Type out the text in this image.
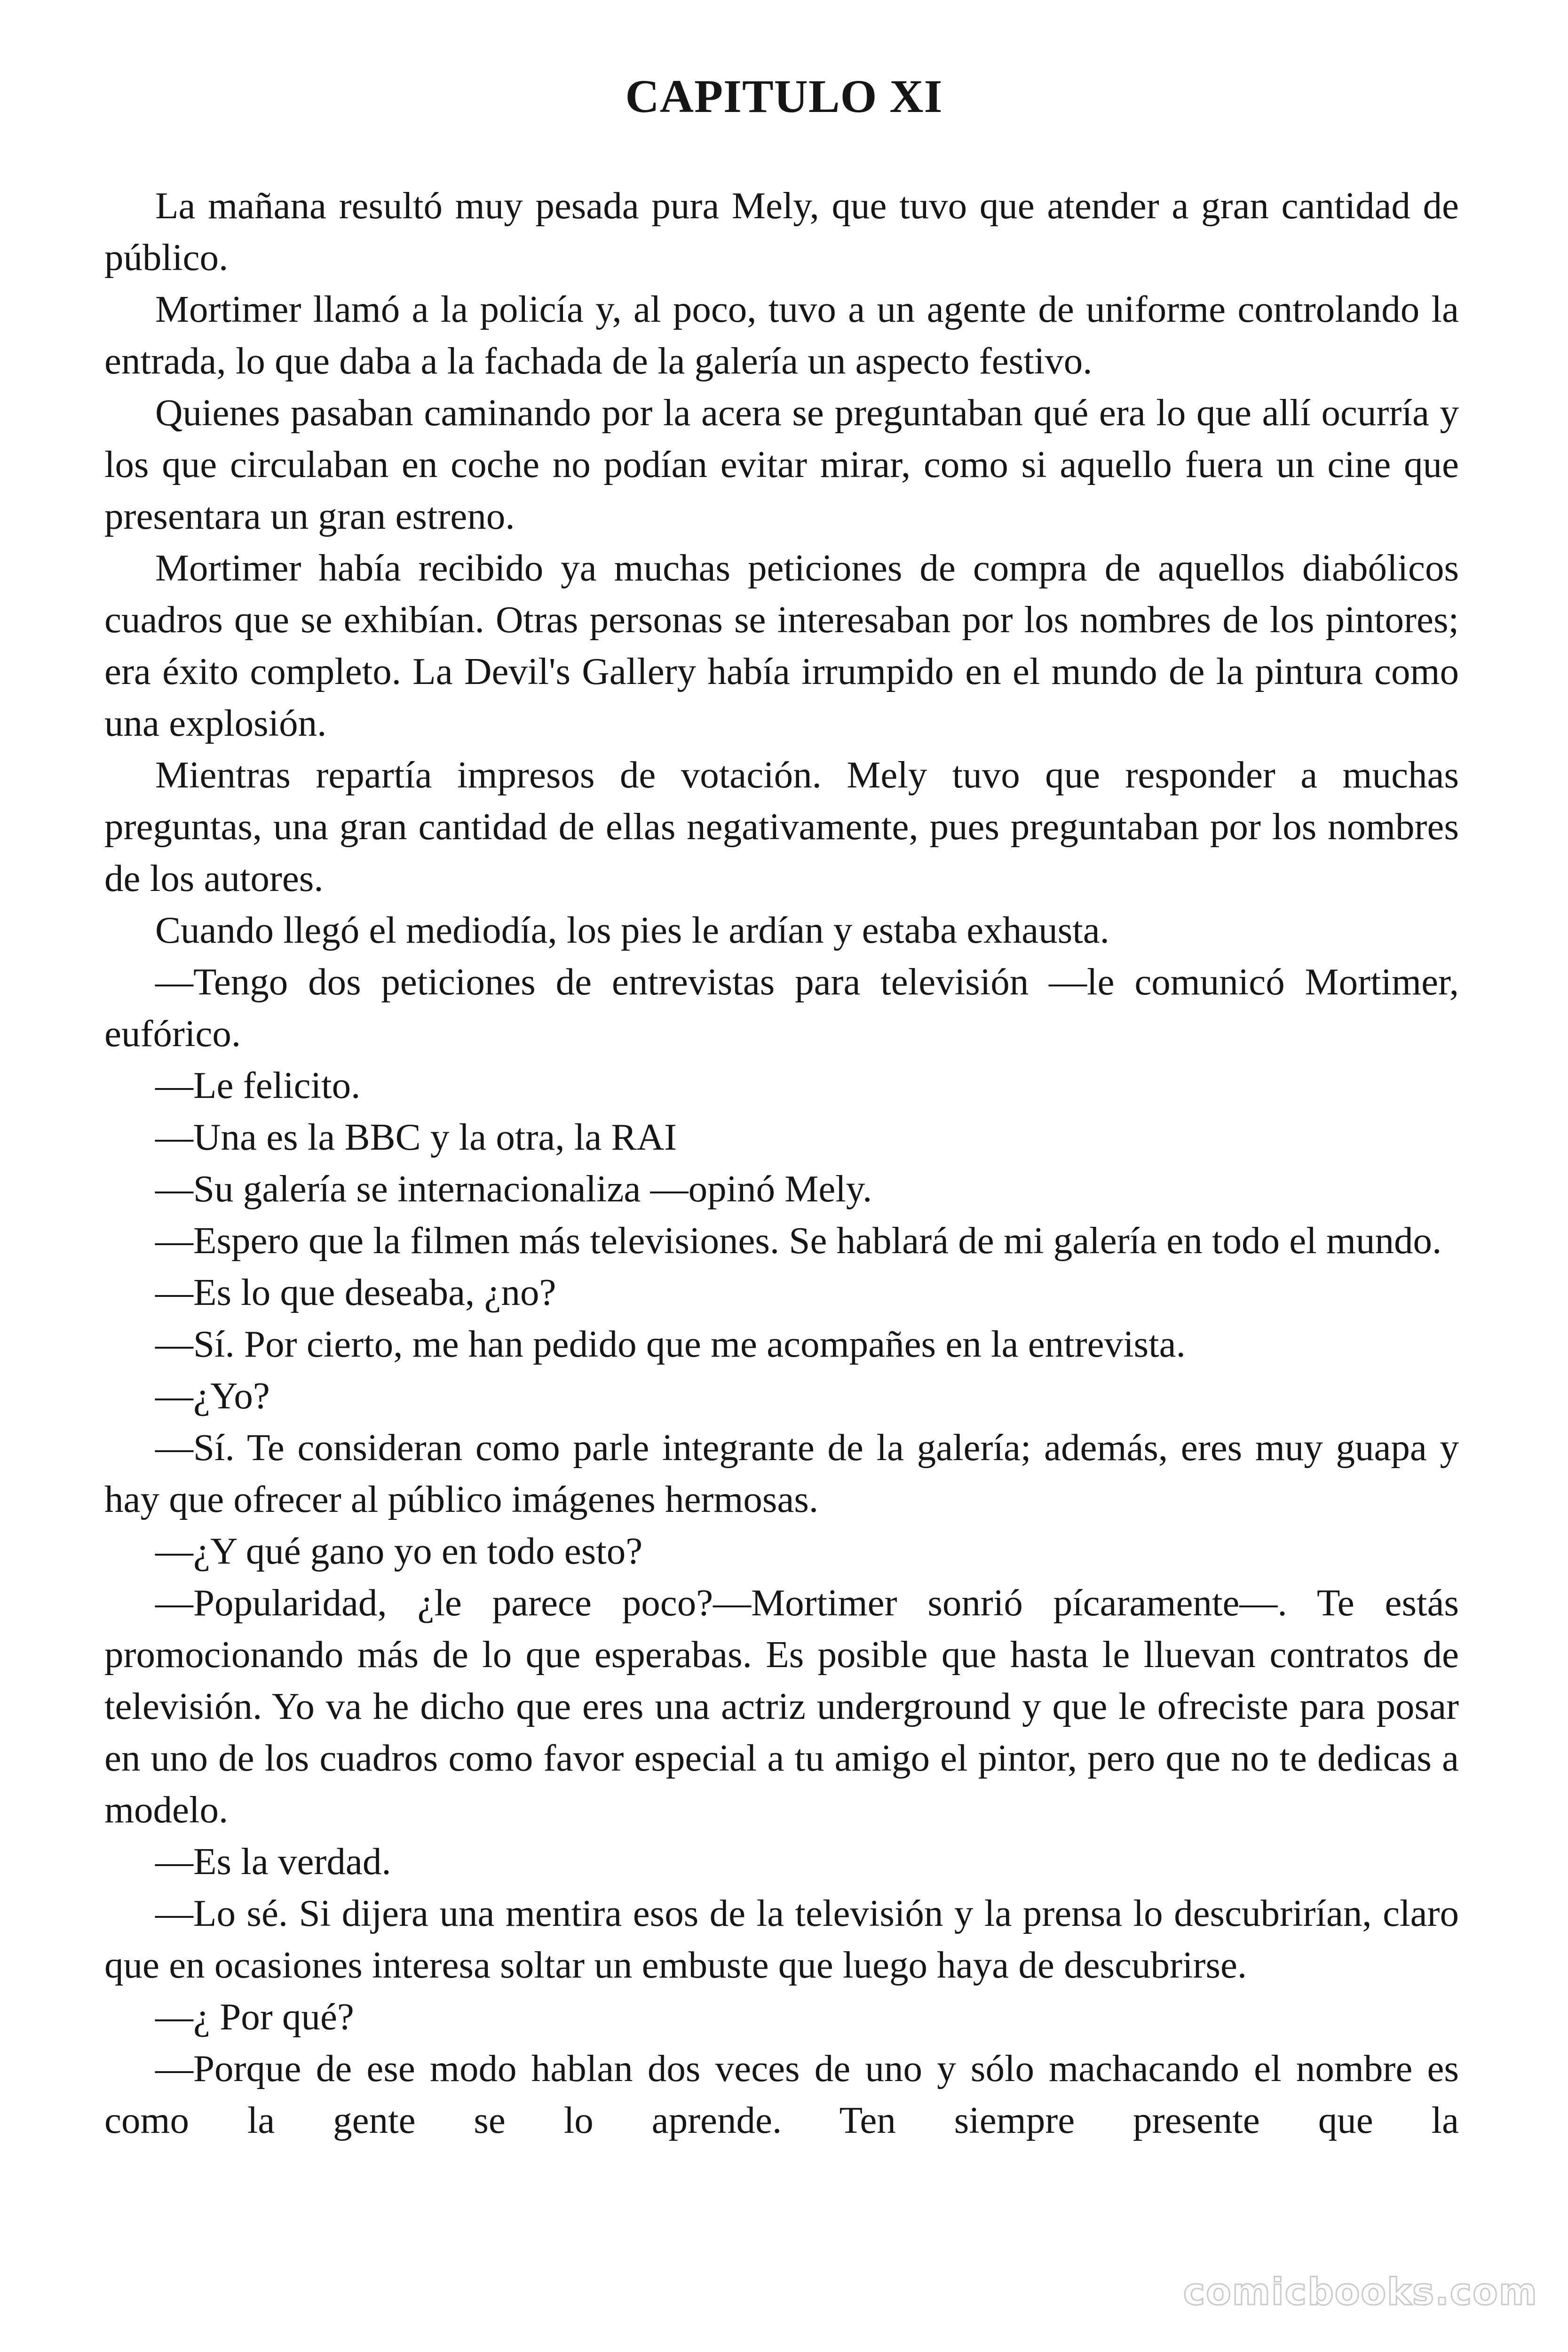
CAPITULO XI

La mañana resultó muy pesada pura Mely, que tuvo que atender a gran cantidad de público.

Mortimer llamó a la policía y, al poco, tuvo a un agente de uniforme controlando la entrada, lo que daba a la fachada de la galería un aspecto festivo.

Quienes pasaban caminando por la acera se preguntaban qué era lo que allí ocurría y los que circulaban en coche no podían evitar mirar, como si aquello fuera un cine que presentara un gran estreno.

Mortimer había recibido ya muchas peticiones de compra de aquellos diabólicos cuadros que se exhibían. Otras personas se interesaban por los nombres de los pintores; era éxito completo. La Devil's Gallery había irrumpido en el mundo de la pintura como una explosión.

Mientras repartía impresos de votación. Mely tuvo que responder a muchas preguntas, una gran cantidad de ellas negativamente, pues preguntaban por los nombres de los autores.

Cuando llegó el mediodía, los pies le ardían y estaba exhausta.

—Tengo dos peticiones de entrevistas para televisión —le comunicó Mortimer, eufórico.

—Le felicito.

—Una es la BBC y la otra, la RAI

—Su galería se internacionaliza —opinó Mely.

—Espero que la filmen más televisiones. Se hablará de mi galería en todo el mundo.

—Es lo que deseaba, ¿no?

—Sí. Por cierto, me han pedido que me acompañes en la entrevista.

—¿Yo?

—Sí. Te consideran como parle integrante de la galería; además, eres muy guapa y hay que ofrecer al público imágenes hermosas.

—¿Y qué gano yo en todo esto?

—Popularidad, ¿le parece poco?—Mortimer sonrió pícaramente—. Te estás promocionando más de lo que esperabas. Es posible que hasta le lluevan contratos de televisión. Yo va he dicho que eres una actriz underground y que le ofreciste para posar en uno de los cuadros como favor especial a tu amigo el pintor, pero que no te dedicas a modelo.

—Es la verdad.

—Lo sé. Si dijera una mentira esos de la televisión y la prensa lo descubrirían, claro que en ocasiones interesa soltar un embuste que luego haya de descubrirse.

—¿ Por qué?

—Porque de ese modo hablan dos veces de uno y sólo machacando el nombre es como la gente se lo aprende. Ten siempre presente que la

comicbooks.com
